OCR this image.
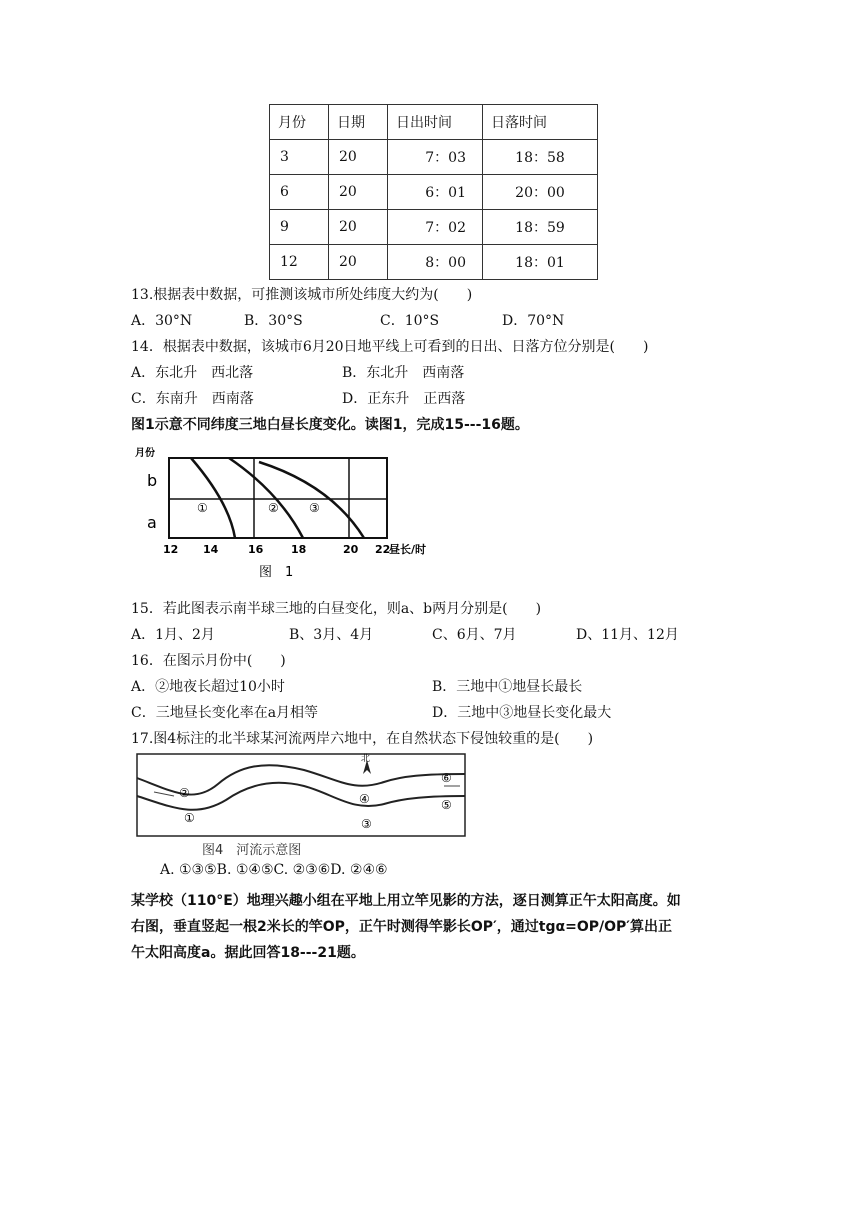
月份	日期	日出时间	日落时间
3	20	7：03	18：58
6	20	6：01	20：00
9	20	7：02	18：59
12	20	8：00	18：01
13.根据表中数据，可推测该城市所处纬度大约为(　　)
A．30°N	B．30°S	C．10°S	D．70°N
14．根据表中数据，该城市6月20日地平线上可看到的日出、日落方位分别是(　　)
A．东北升　西北落	B．东北升　西南落
C．东南升　西南落	D．正东升　正西落
图1示意不同纬度三地白昼长度变化。读图1，完成15---16题。
月份
b
a
①	②	③
12 14	16	18	20 22
昼长/时
图　1
15．若此图表示南半球三地的白昼变化，则a、b两月分别是(　　)
A．1月、2月	B、3月、4月	C、6月、7月	D、11月、12月
16．在图示月份中(　　)
A．②地夜长超过10小时	B．三地中①地昼长最长
C．三地昼长变化率在a月相等	D．三地中③地昼长变化最大
17.图4标注的北半球某河流两岸六地中，在自然状态下侵蚀较重的是(　　)
北
①
②
③
④	⑤
⑥
图4　河流示意图
A. ①③⑤B. ①④⑤C. ②③⑥D. ②④⑥
某学校（110°E）地理兴趣小组在平地上用立竿见影的方法，逐日测算正午太阳高度。如
右图，垂直竖起一根2米长的竿OP，正午时测得竿影长OP′，通过tgα=OP/OP′算出正
午太阳高度a。据此回答18---21题。
